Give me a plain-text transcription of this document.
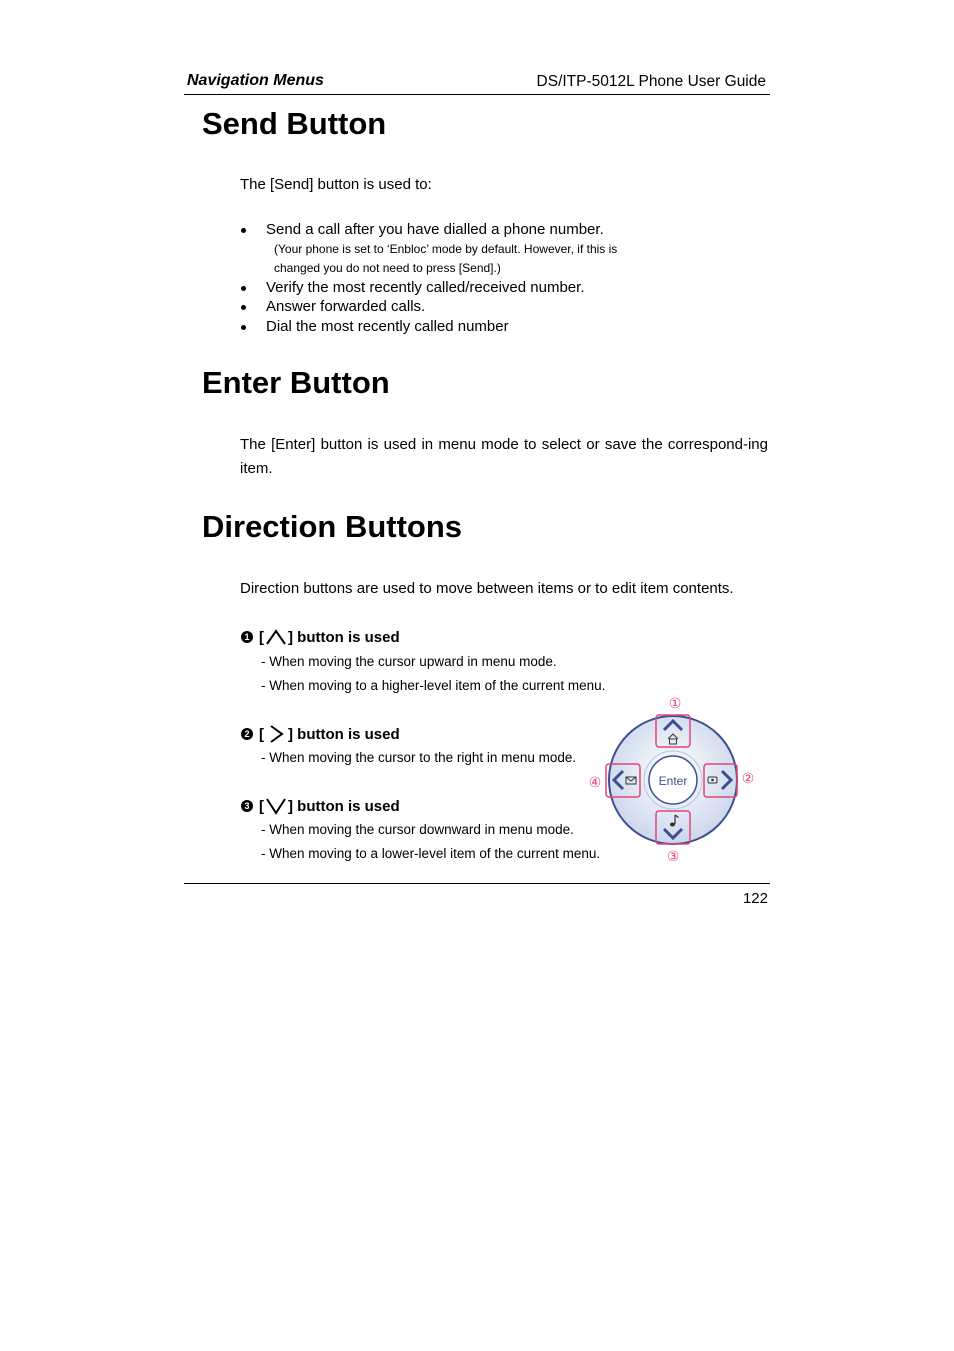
Navigation Menus	DS/ITP-5012L Phone User Guide
Send Button
The [Send] button is used to:
Send a call after you have dialled a phone number.
(Your phone is set to ‘Enbloc’ mode by default. However, if this is
changed you do not need to press [Send].)
Verify the most recently called/received number.
Answer forwarded calls.
Dial the most recently called number
Enter Button
The [Enter] button is used in menu mode to select or save the correspond-ing item.
Direction Buttons
Direction buttons are used to move between items or to edit item contents.
1 [ ] button is used
- When moving the cursor upward in menu mode.
- When moving to a higher-level item of the current menu.
2 [ ] button is used
- When moving the cursor to the right in menu mode.
3 [ ] button is used
- When moving the cursor downward in menu mode.
- When moving to a lower-level item of the current menu.
Enter
①
②
③
④
122
